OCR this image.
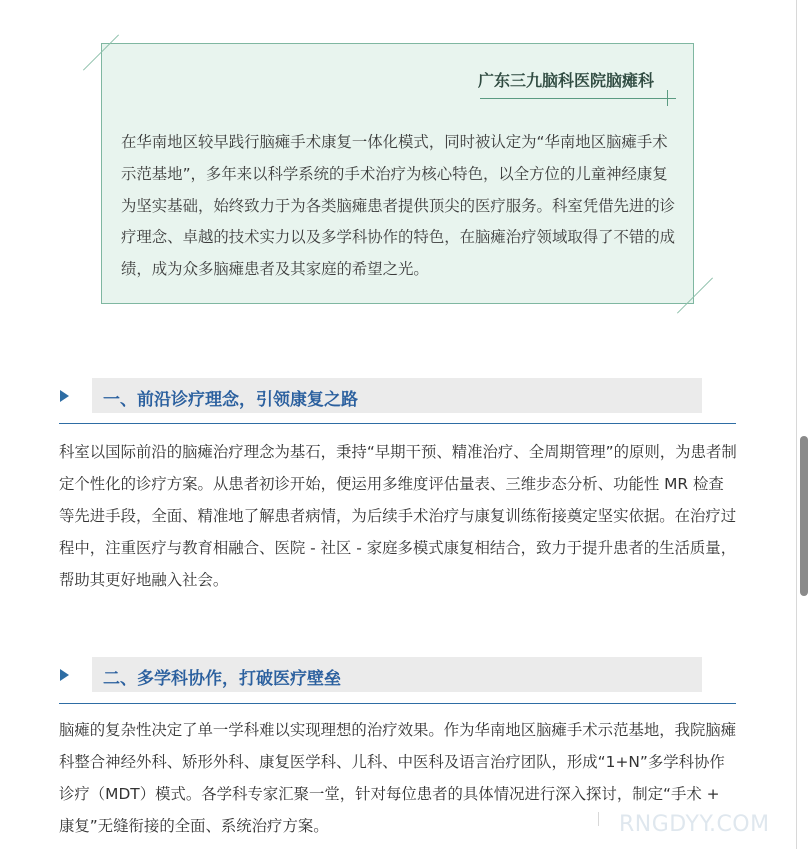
广东三九脑科医院脑瘫科

在华南地区较早践行脑瘫手术康复一体化模式，同时被认定为“华南地区脑瘫手术示范基地”，多年来以科学系统的手术治疗为核心特色，以全方位的儿童神经康复为坚实基础，始终致力于为各类脑瘫患者提供顶尖的医疗服务。科室凭借先进的诊疗理念、卓越的技术实力以及多学科协作的特色，在脑瘫治疗领域取得了不错的成绩，成为众多脑瘫患者及其家庭的希望之光。

一、前沿诊疗理念，引领康复之路

科室以国际前沿的脑瘫治疗理念为基石，秉持“早期干预、精准治疗、全周期管理”的原则，为患者制定个性化的诊疗方案。从患者初诊开始，便运用多维度评估量表、三维步态分析、功能性 MR 检查等先进手段，全面、精准地了解患者病情，为后续手术治疗与康复训练衔接奠定坚实依据。在治疗过程中，注重医疗与教育相融合、医院 - 社区 - 家庭多模式康复相结合，致力于提升患者的生活质量，帮助其更好地融入社会。

二、多学科协作，打破医疗壁垒

脑瘫的复杂性决定了单一学科难以实现理想的治疗效果。作为华南地区脑瘫手术示范基地，我院脑瘫科整合神经外科、矫形外科、康复医学科、儿科、中医科及语言治疗团队，形成“1+N”多学科协作诊疗（MDT）模式。各学科专家汇聚一堂，针对每位患者的具体情况进行深入探讨，制定“手术 + 康复”无缝衔接的全面、系统治疗方案。	RNGDYY.COM
